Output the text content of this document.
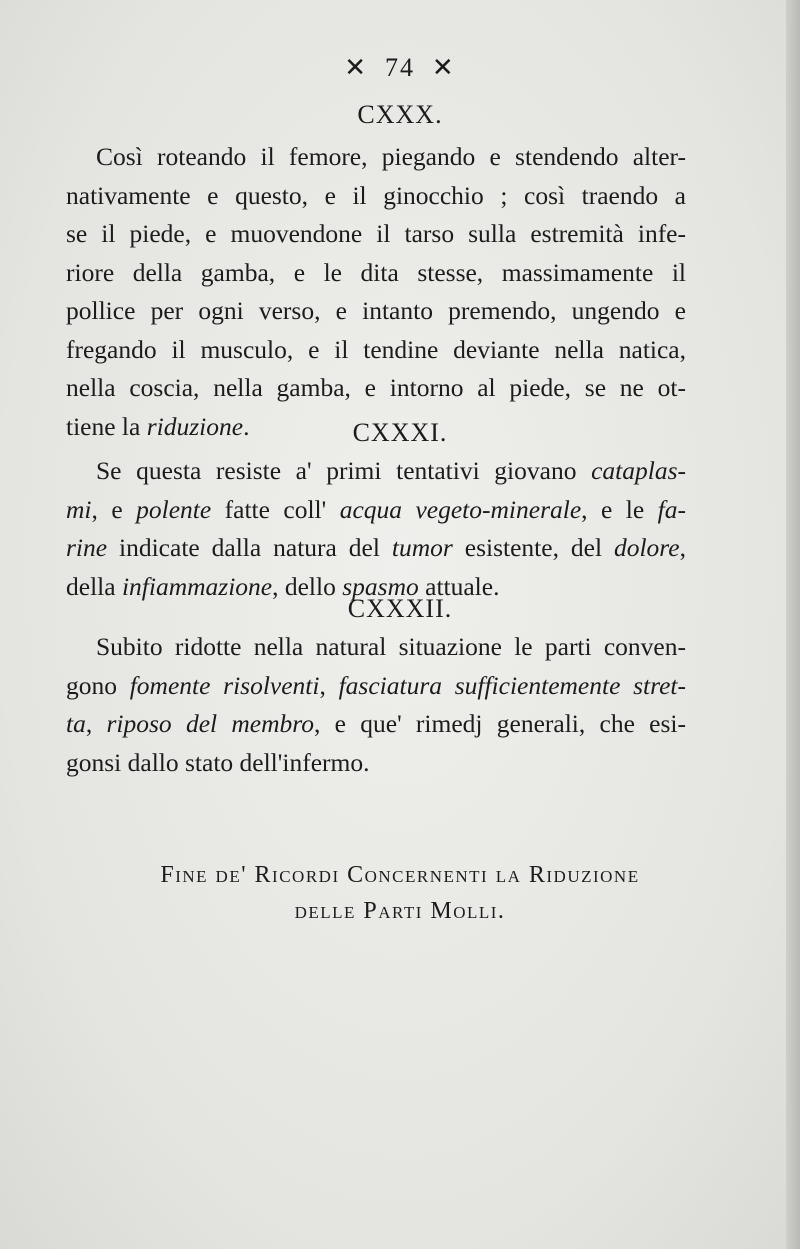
✕ 74 ✕
CXXX.
Così roteando il femore, piegando e stendendo alter-
nativamente e questo, e il ginocchio ; così traendo a
se il piede, e muovendone il tarso sulla estremità infe-
riore della gamba, e le dita stesse, massimamente il
pollice per ogni verso, e intanto premendo, ungendo e
fregando il musculo, e il tendine deviante nella natica,
nella coscia, nella gamba, e intorno al piede, se ne ot-
tiene la riduzione.	CXXXI.
Se questa resiste a' primi tentativi giovano cataplas-
mi, e polente fatte coll' acqua vegeto-minerale, e le fa-
rine indicate dalla natura del tumor esistente, del dolore,
della infiammazione, dello spasmo attuale.
CXXXII.
Subito ridotte nella natural situazione le parti conven-
gono fomente risolventi, fasciatura sufficientemente stret-
ta, riposo del membro, e que' rimedj generali, che esi-
gonsi dallo stato dell'infermo.
Fine de' Ricordi Concernenti la Riduzione
delle Parti Molli.
